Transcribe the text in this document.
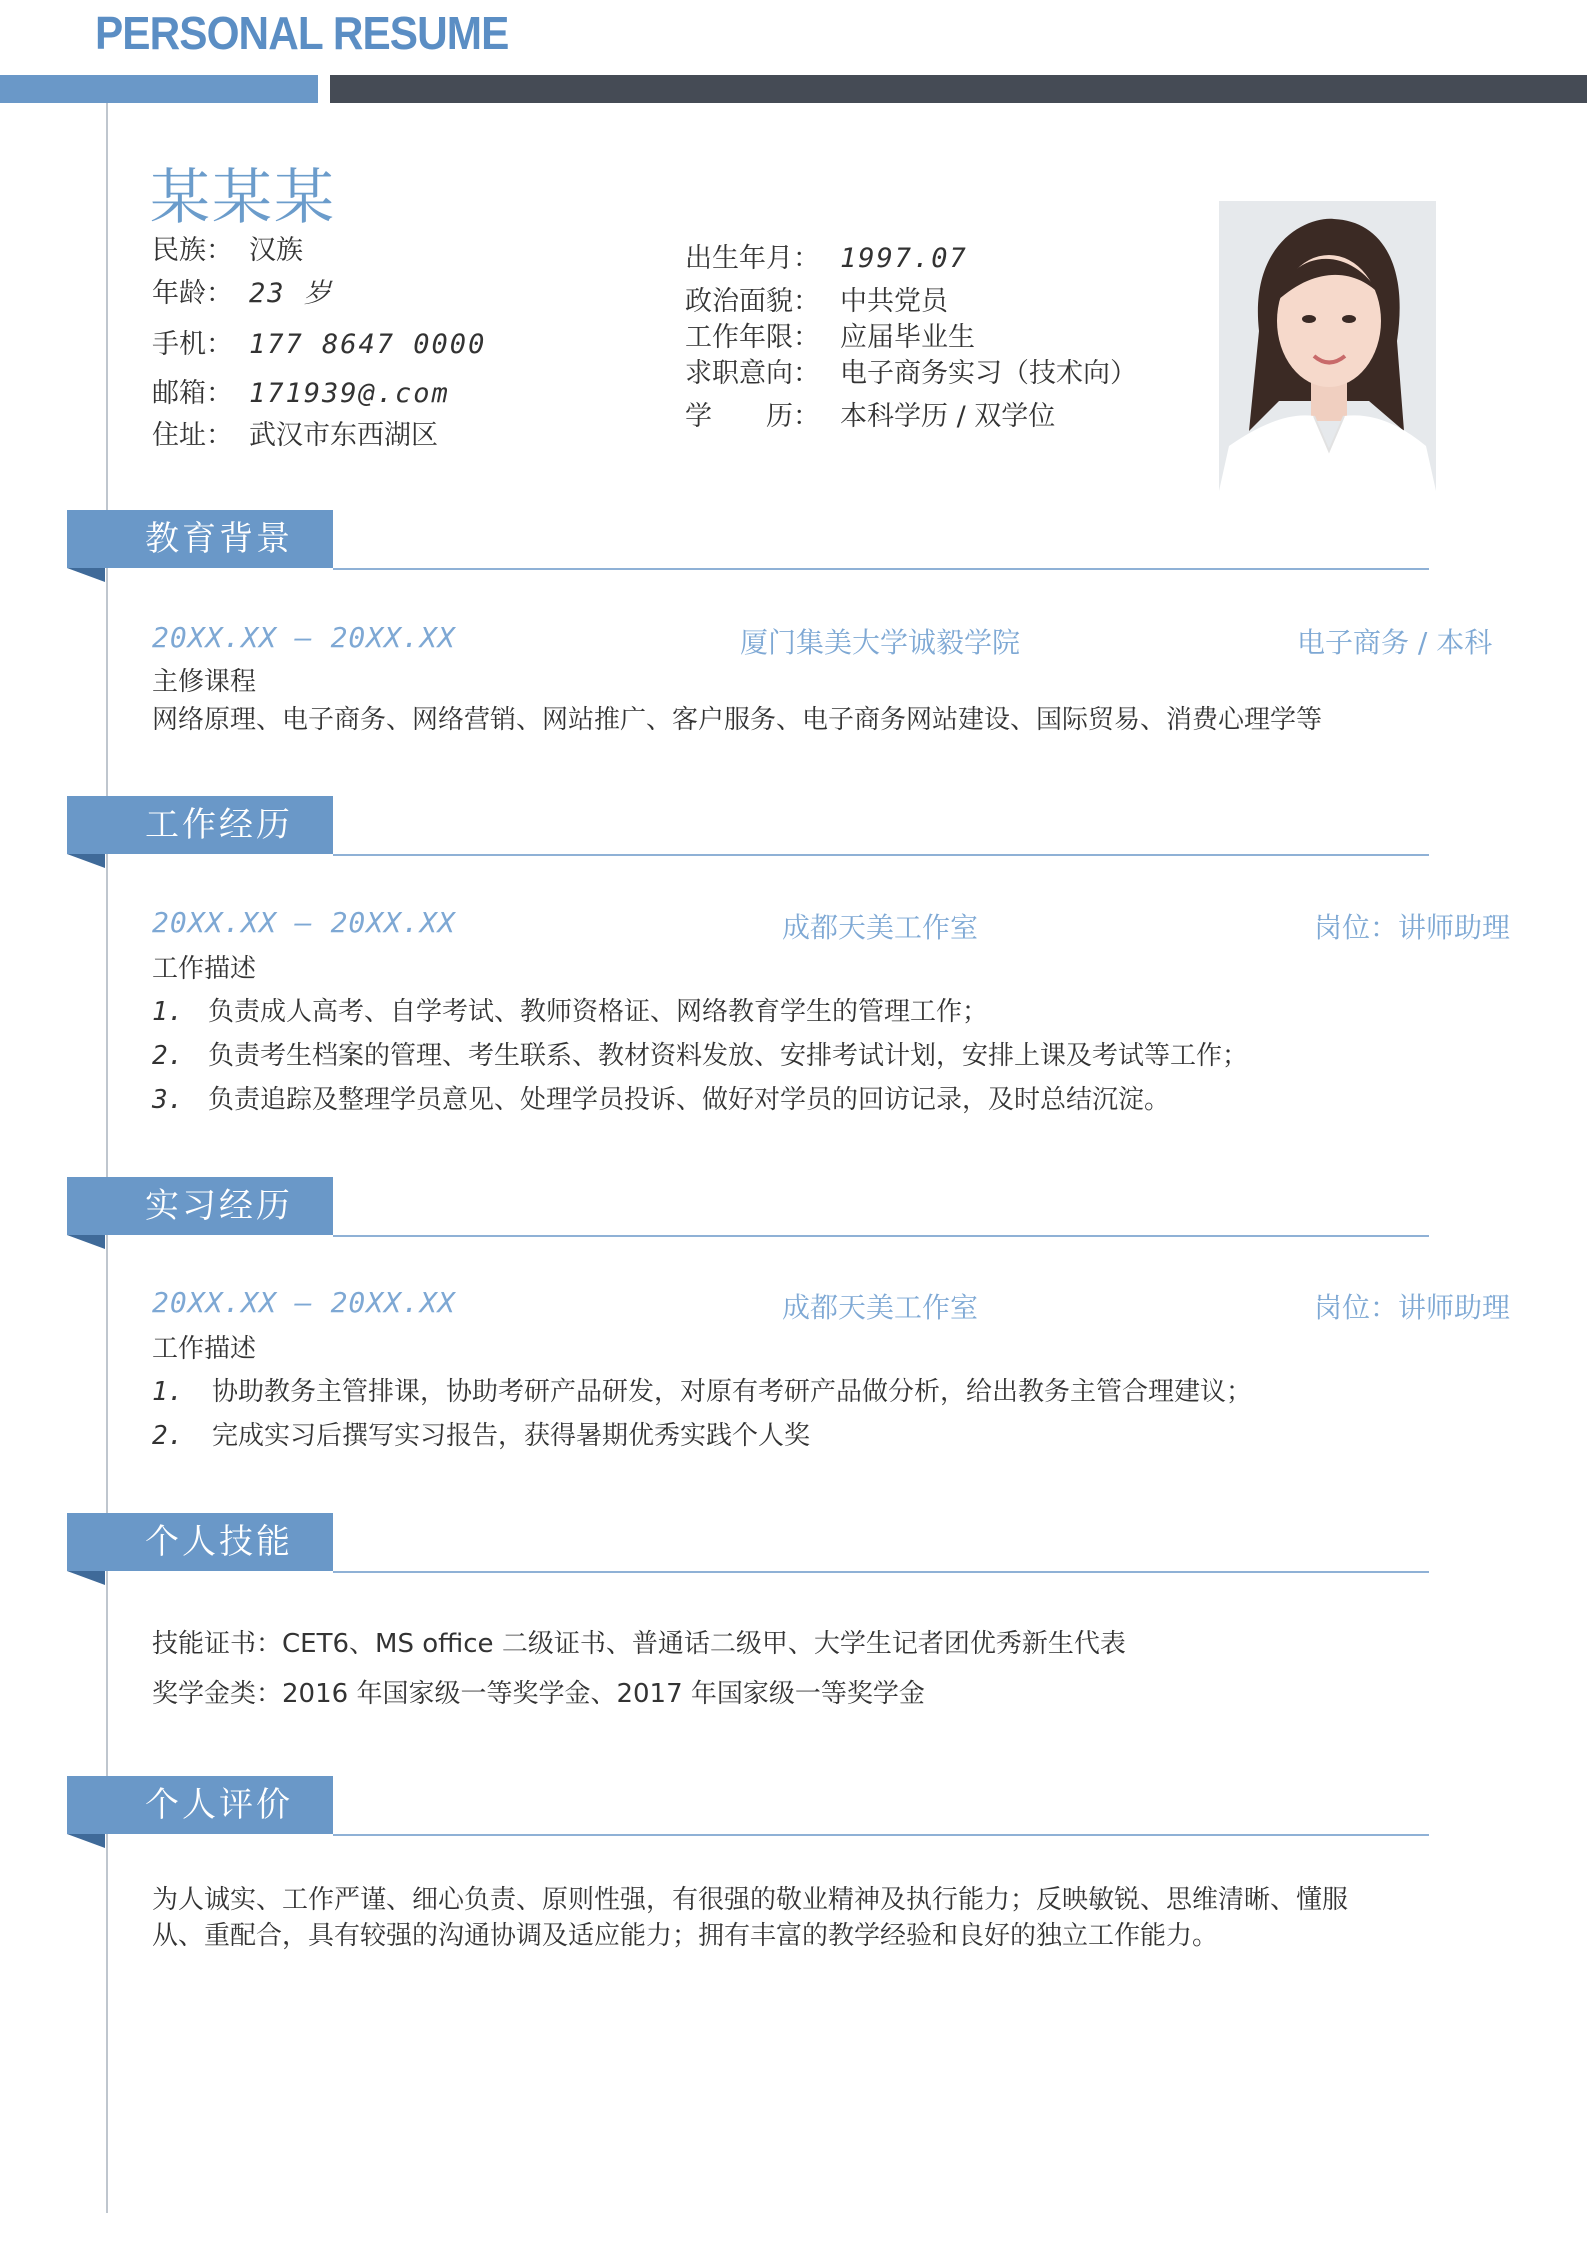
PERSONAL RESUME
某某某
民族： 汉族
年龄： 23 岁
手机： 177 8647 0000
邮箱： 171939@.com
住址： 武汉市东西湖区
出生年月： 1997.07
政治面貌： 中共党员
工作年限： 应届毕业生
求职意向： 电子商务实习（技术向）
学　　历： 本科学历 / 双学位
教育背景
20XX.XX – 20XX.XX	厦门集美大学诚毅学院	电子商务 / 本科
主修课程
网络原理、电子商务、网络营销、网站推广、客户服务、电子商务网站建设、国际贸易、消费心理学等
工作经历
20XX.XX – 20XX.XX	成都天美工作室	岗位：讲师助理
工作描述
1. 负责成人高考、自学考试、教师资格证、网络教育学生的管理工作；
2. 负责考生档案的管理、考生联系、教材资料发放、安排考试计划，安排上课及考试等工作；
3. 负责追踪及整理学员意见、处理学员投诉、做好对学员的回访记录，及时总结沉淀。
实习经历
20XX.XX – 20XX.XX	成都天美工作室	岗位：讲师助理
工作描述
1. 协助教务主管排课，协助考研产品研发，对原有考研产品做分析，给出教务主管合理建议；
2. 完成实习后撰写实习报告，获得暑期优秀实践个人奖
个人技能
技能证书：CET6、MS office 二级证书、普通话二级甲、大学生记者团优秀新生代表
奖学金类：2016 年国家级一等奖学金、2017 年国家级一等奖学金
个人评价
为人诚实、工作严谨、细心负责、原则性强，有很强的敬业精神及执行能力；反映敏锐、思维清晰、懂服
从、重配合，具有较强的沟通协调及适应能力；拥有丰富的教学经验和良好的独立工作能力。
